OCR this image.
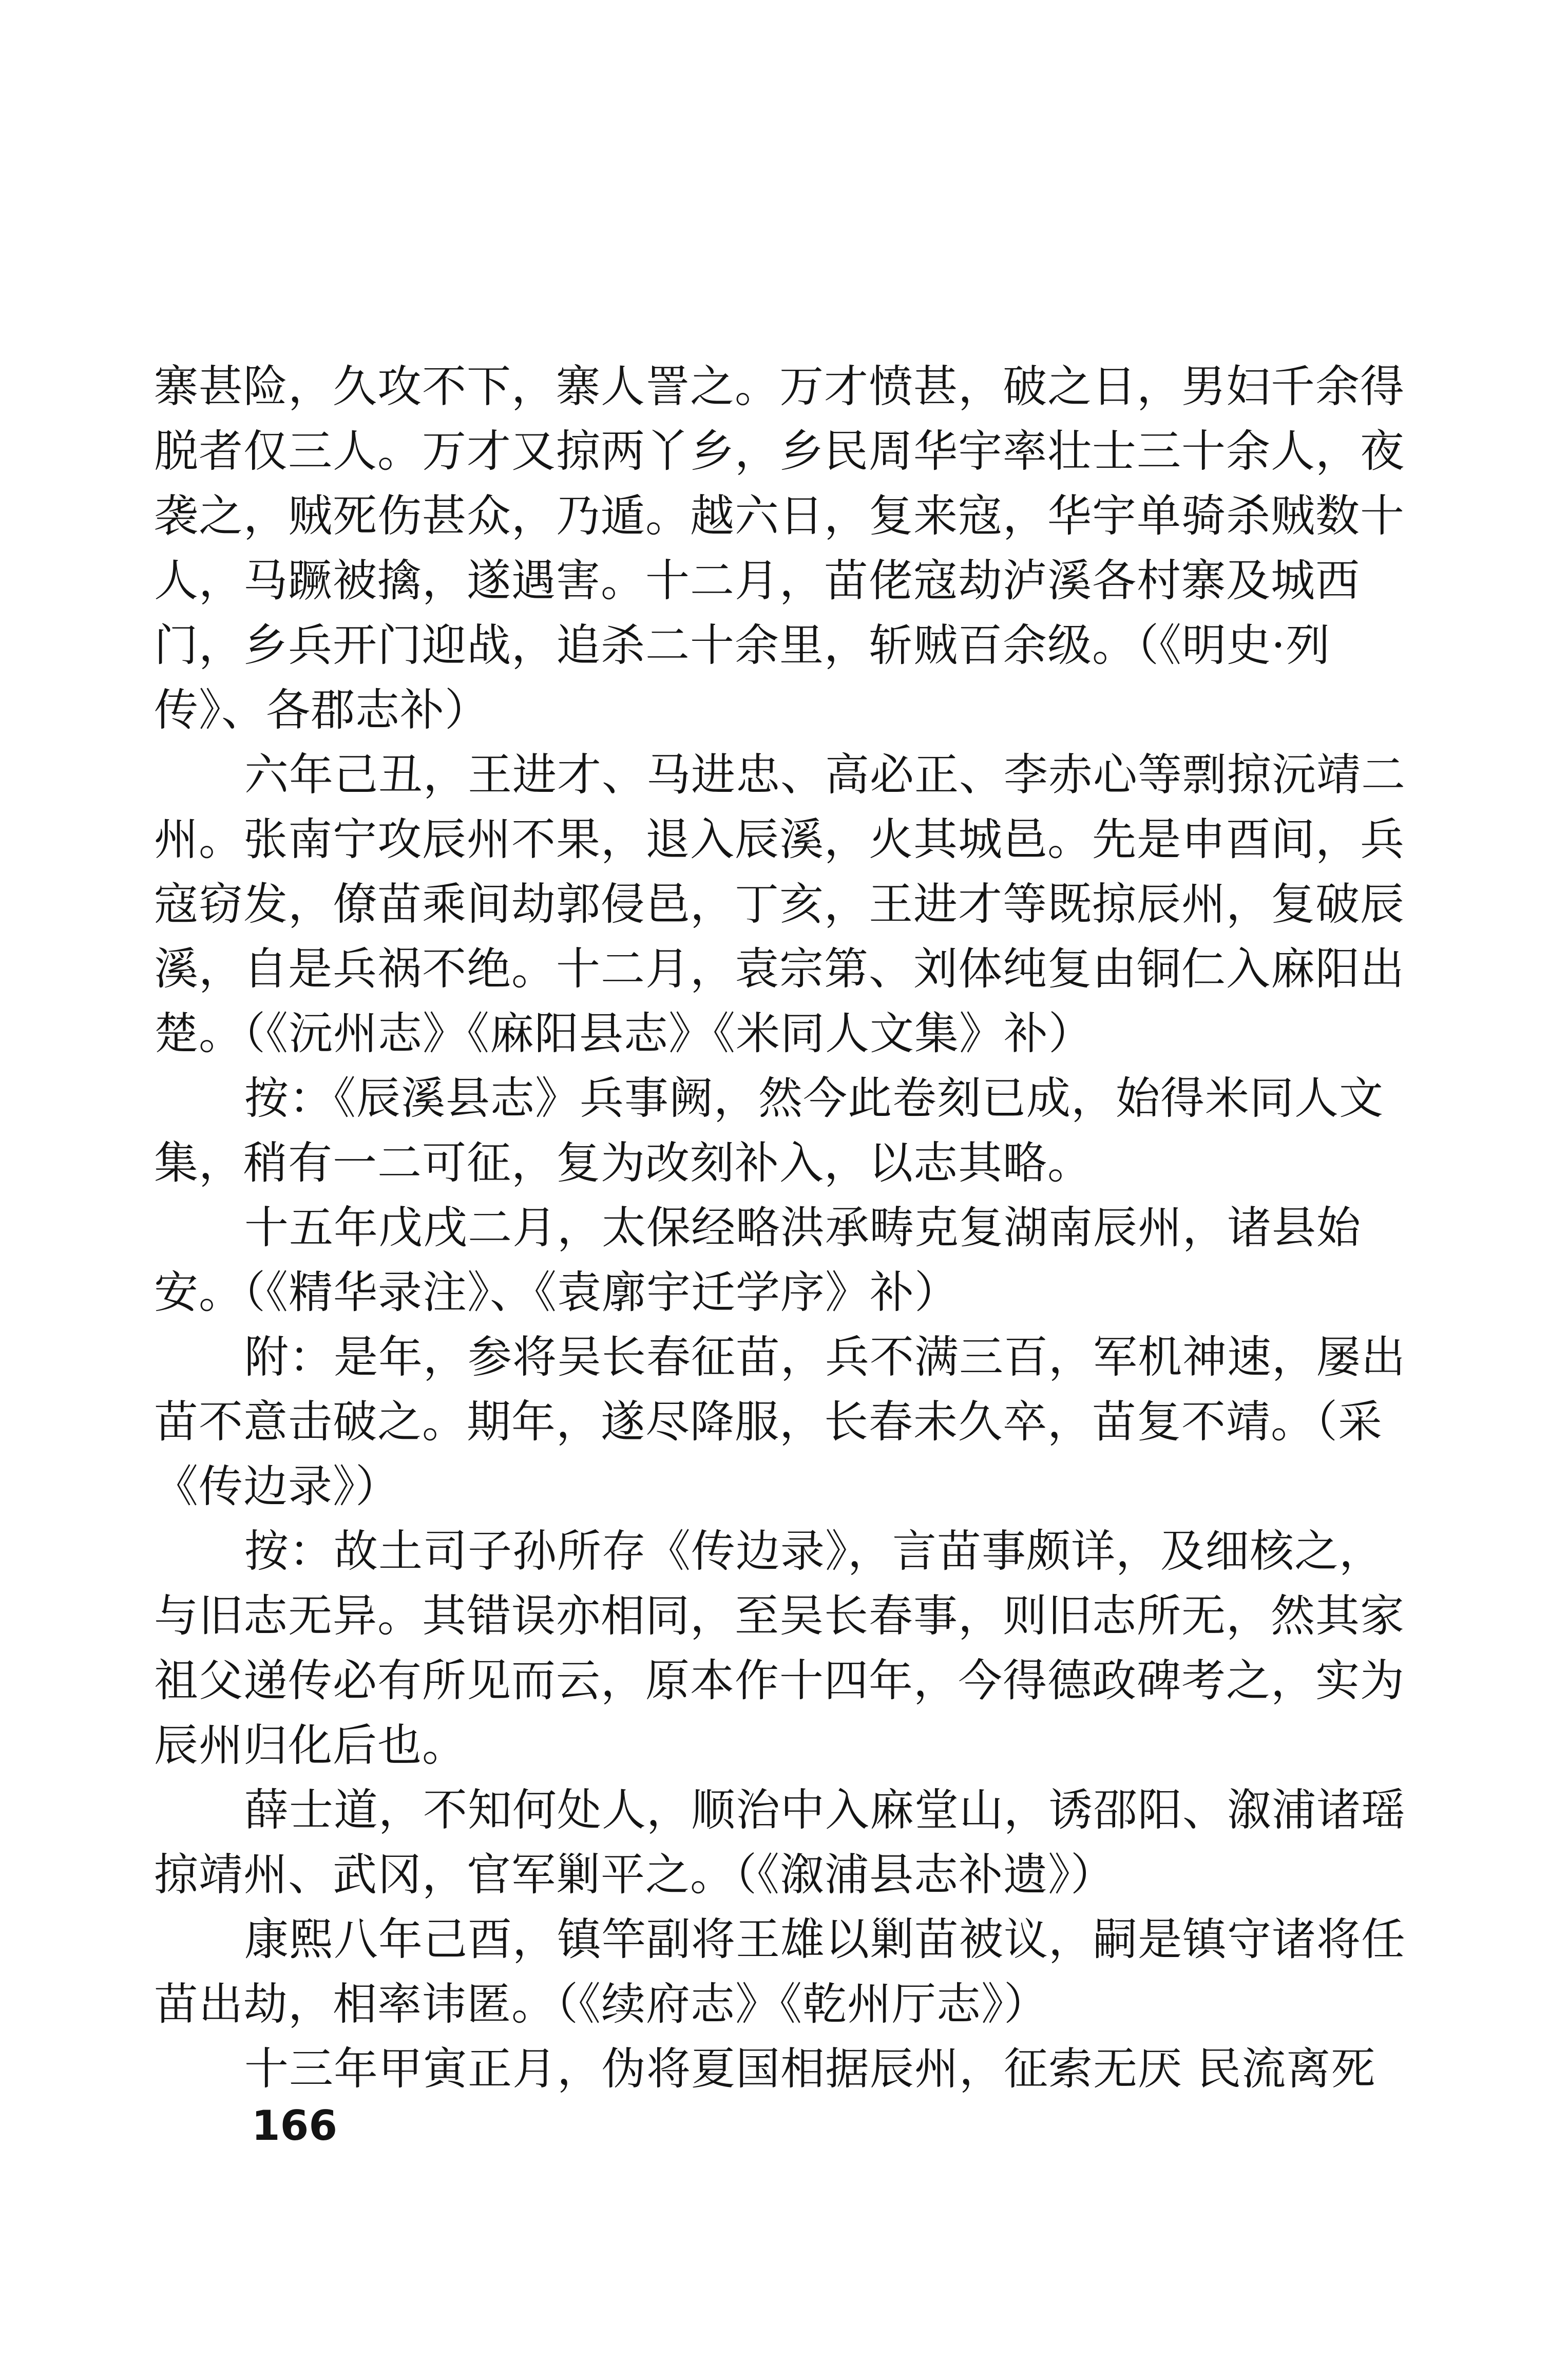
寨甚险，久攻不下，寨人詈之。万才愤甚，破之日，男妇千余得
脱者仅三人。万才又掠两丫乡，乡民周华宇率壮士三十余人，夜
袭之，贼死伤甚众，乃遁。越六日，复来寇，华宇单骑杀贼数十
人，马蹶被擒，遂遇害。十二月，苗佬寇劫泸溪各村寨及城西
门，乡兵开门迎战，追杀二十余里，斩贼百余级。（《明史·列
传》、各郡志补）
六年己丑，王进才、马进忠、高必正、李赤心等剽掠沅靖二
州。张南宁攻辰州不果，退入辰溪，火其城邑。先是申酉间，兵
寇窃发，僚苗乘间劫郭侵邑，丁亥，王进才等既掠辰州，复破辰
溪，自是兵祸不绝。十二月，袁宗第、刘体纯复由铜仁入麻阳出
楚。（《沅州志》《麻阳县志》《米同人文集》补）
按：《辰溪县志》兵事阙，然今此卷刻已成，始得米同人文
集，稍有一二可征，复为改刻补入，以志其略。
十五年戊戌二月，太保经略洪承畴克复湖南辰州，诸县始
安。（《精华录注》、《袁廓宇迁学序》补）
附：是年，参将吴长春征苗，兵不满三百，军机神速，屡出
苗不意击破之。期年，遂尽降服，长春未久卒，苗复不靖。（采
《传边录》）
按：故土司子孙所存《传边录》，言苗事颇详，及细核之，
与旧志无异。其错误亦相同，至吴长春事，则旧志所无，然其家
祖父递传必有所见而云，原本作十四年，今得德政碑考之，实为
辰州归化后也。
薛士道，不知何处人，顺治中入麻堂山，诱邵阳、溆浦诸瑶
掠靖州、武冈，官军剿平之。（《溆浦县志补遗》）
康熙八年己酉，镇竿副将王雄以剿苗被议，嗣是镇守诸将任
苗出劫，相率讳匿。（《续府志》《乾州厅志》）
十三年甲寅正月，伪将夏国相据辰州，征索无厌 民流离死
166
